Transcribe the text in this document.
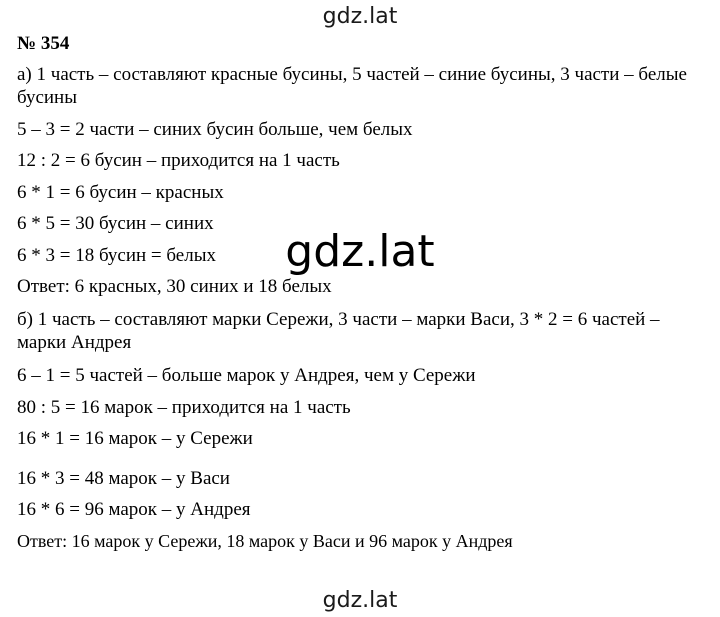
gdz.lat
№ 354
а) 1 часть – составляют красные бусины, 5 частей – синие бусины, 3 части – белые бусины
5 – 3 = 2 части – синих бусин больше, чем белых
12 : 2 = 6 бусин – приходится на 1 часть
6 * 1 = 6 бусин – красных
6 * 5 = 30 бусин – синих
6 * 3 = 18 бусин = белых
Ответ: 6 красных, 30 синих и 18 белых
б) 1 часть – составляют марки Сережи, 3 части – марки Васи, 3 * 2 = 6 частей – марки Андрея
6 – 1 = 5 частей – больше марок у Андрея, чем у Сережи
80 : 5 = 16 марок – приходится на 1 часть
16 * 1 = 16 марок – у Сережи
16 * 3 = 48 марок – у Васи
16 * 6 = 96 марок – у Андрея
Ответ: 16 марок у Сережи, 18 марок у Васи и 96 марок у Андрея
gdz.lat
gdz.lat
